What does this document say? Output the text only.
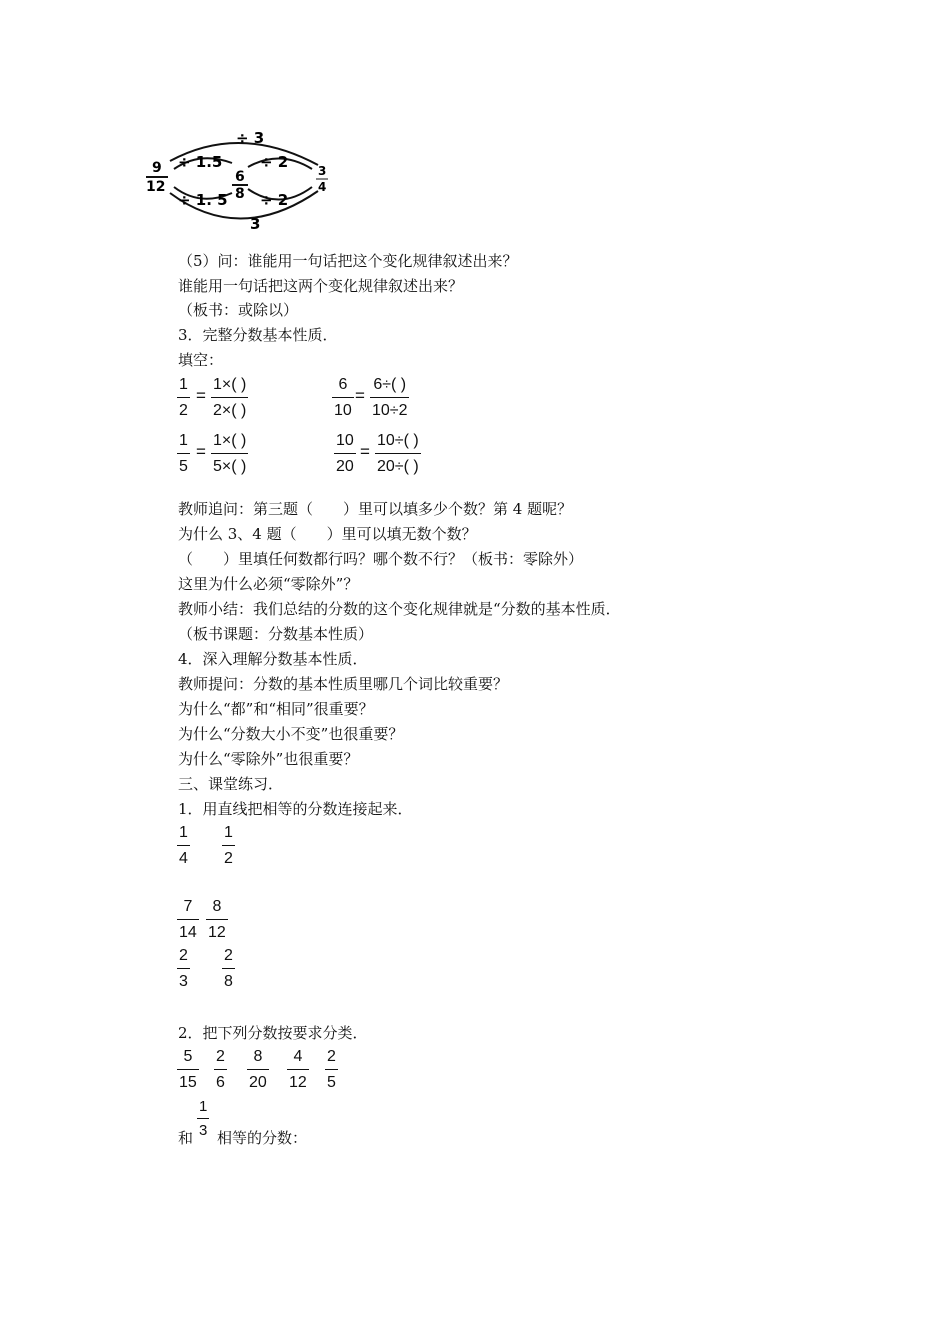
÷ 3
÷ 1.5	÷ 2
÷ 1. 5 ÷ 2
3
9
12
6
8
3
4
（5）问：谁能用一句话把这个变化规律叙述出来？
谁能用一句话把这两个变化规律叙述出来？
（板书：或除以）
3．完整分数基本性质．
填空：
1
2
=
1×( )
2×( )
6
10
=
6÷( )
10÷2
1
5
=
1×( )
5×( )
10
20
=
10÷( )
20÷( )
教师追问：第三题（　　）里可以填多少个数？第 4 题呢？
为什么 3、4 题（　　）里可以填无数个数？
（　　）里填任何数都行吗？哪个数不行？（板书：零除外）
这里为什么必须“零除外”？
教师小结：我们总结的分数的这个变化规律就是“分数的基本性质．
（板书课题：分数基本性质）
4．深入理解分数基本性质．
教师提问：分数的基本性质里哪几个词比较重要？
为什么“都”和“相同”很重要？
为什么“分数大小不变”也很重要？
为什么“零除外”也很重要？
三、课堂练习．
1．用直线把相等的分数连接起来．
1
4
1
2
7
14
8
12
2
3
2
8
2．把下列分数按要求分类．
5
15
2
6
8
20
4
12
2
5
和
1
3 相等的分数：
